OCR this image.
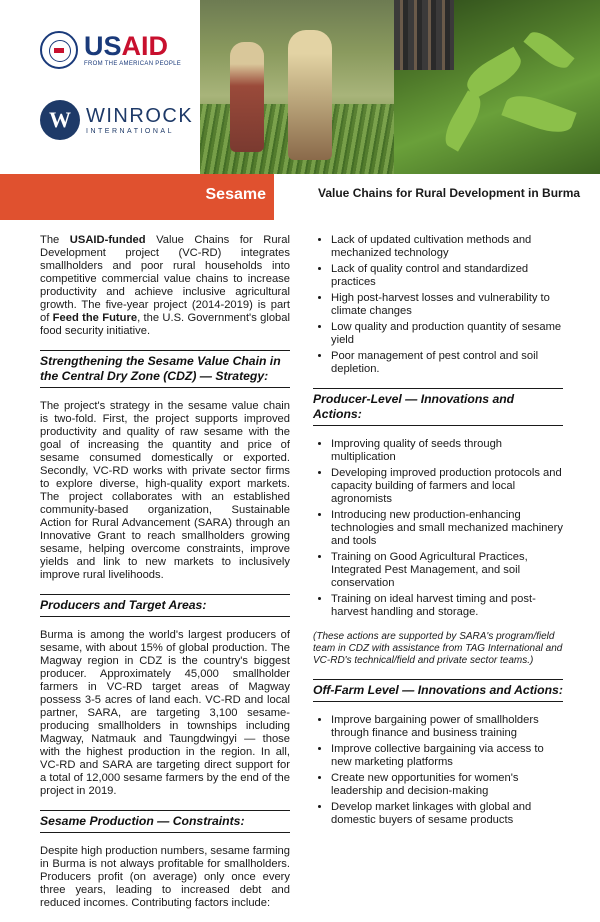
USAID
FROM THE AMERICAN PEOPLE
W WINROCK
INTERNATIONAL
Sesame	Value Chains for Rural Development in Burma

The USAID-funded Value Chains for Rural Development project (VC-RD) integrates smallholders and poor rural households into competitive commercial value chains to increase productivity and achieve inclusive agricultural growth. The five-year project (2014-2019) is part of Feed the Future, the U.S. Government's global food security initiative.

Strengthening the Sesame Value Chain in the Central Dry Zone (CDZ) — Strategy:

The project's strategy in the sesame value chain is two-fold. First, the project supports improved productivity and quality of raw sesame with the goal of increasing the quantity and price of sesame consumed domestically or exported. Secondly, VC-RD works with private sector firms to explore diverse, high-quality export markets. The project collaborates with an established community-based organization, Sustainable Action for Rural Advancement (SARA) through an Innovative Grant to reach smallholders growing sesame, helping overcome constraints, improve yields and link to new markets to inclusively improve rural livelihoods.

Producers and Target Areas:

Burma is among the world's largest producers of sesame, with about 15% of global production. The Magway region in CDZ is the country's biggest producer. Approximately 45,000 smallholder farmers in VC-RD target areas of Magway possess 3-5 acres of land each. VC-RD and local partner, SARA, are targeting 3,100 sesame-producing smallholders in townships including Magway, Natmauk and Taungdwingyi — those with the highest production in the region. In all, VC-RD and SARA are targeting direct support for a total of 12,000 sesame farmers by the end of the project in 2019.

Sesame Production — Constraints:

Despite high production numbers, sesame farming in Burma is not always profitable for smallholders. Producers profit (on average) only once every three years, leading to increased debt and reduced incomes. Contributing factors include:

• Lack of updated cultivation methods and mechanized technology
• Lack of quality control and standardized practices
• High post-harvest losses and vulnerability to climate changes
• Low quality and production quantity of sesame yield
• Poor management of pest control and soil depletion.
Producer-Level — Innovations and Actions:
• Improving quality of seeds through multiplication
• Developing improved production protocols and capacity building of farmers and local agronomists
• Introducing new production-enhancing technologies and small mechanized machinery and tools
• Training on Good Agricultural Practices, Integrated Pest Management, and soil conservation
• Training on ideal harvest timing and post-harvest handling and storage.
(These actions are supported by SARA's program/field team in CDZ with assistance from TAG International and VC-RD's technical/field and private sector teams.)
Off-Farm Level — Innovations and Actions:
• Improve bargaining power of smallholders through finance and business training
• Improve collective bargaining via access to new marketing platforms
• Create new opportunities for women's leadership and decision-making
• Develop market linkages with global and domestic buyers of sesame products
